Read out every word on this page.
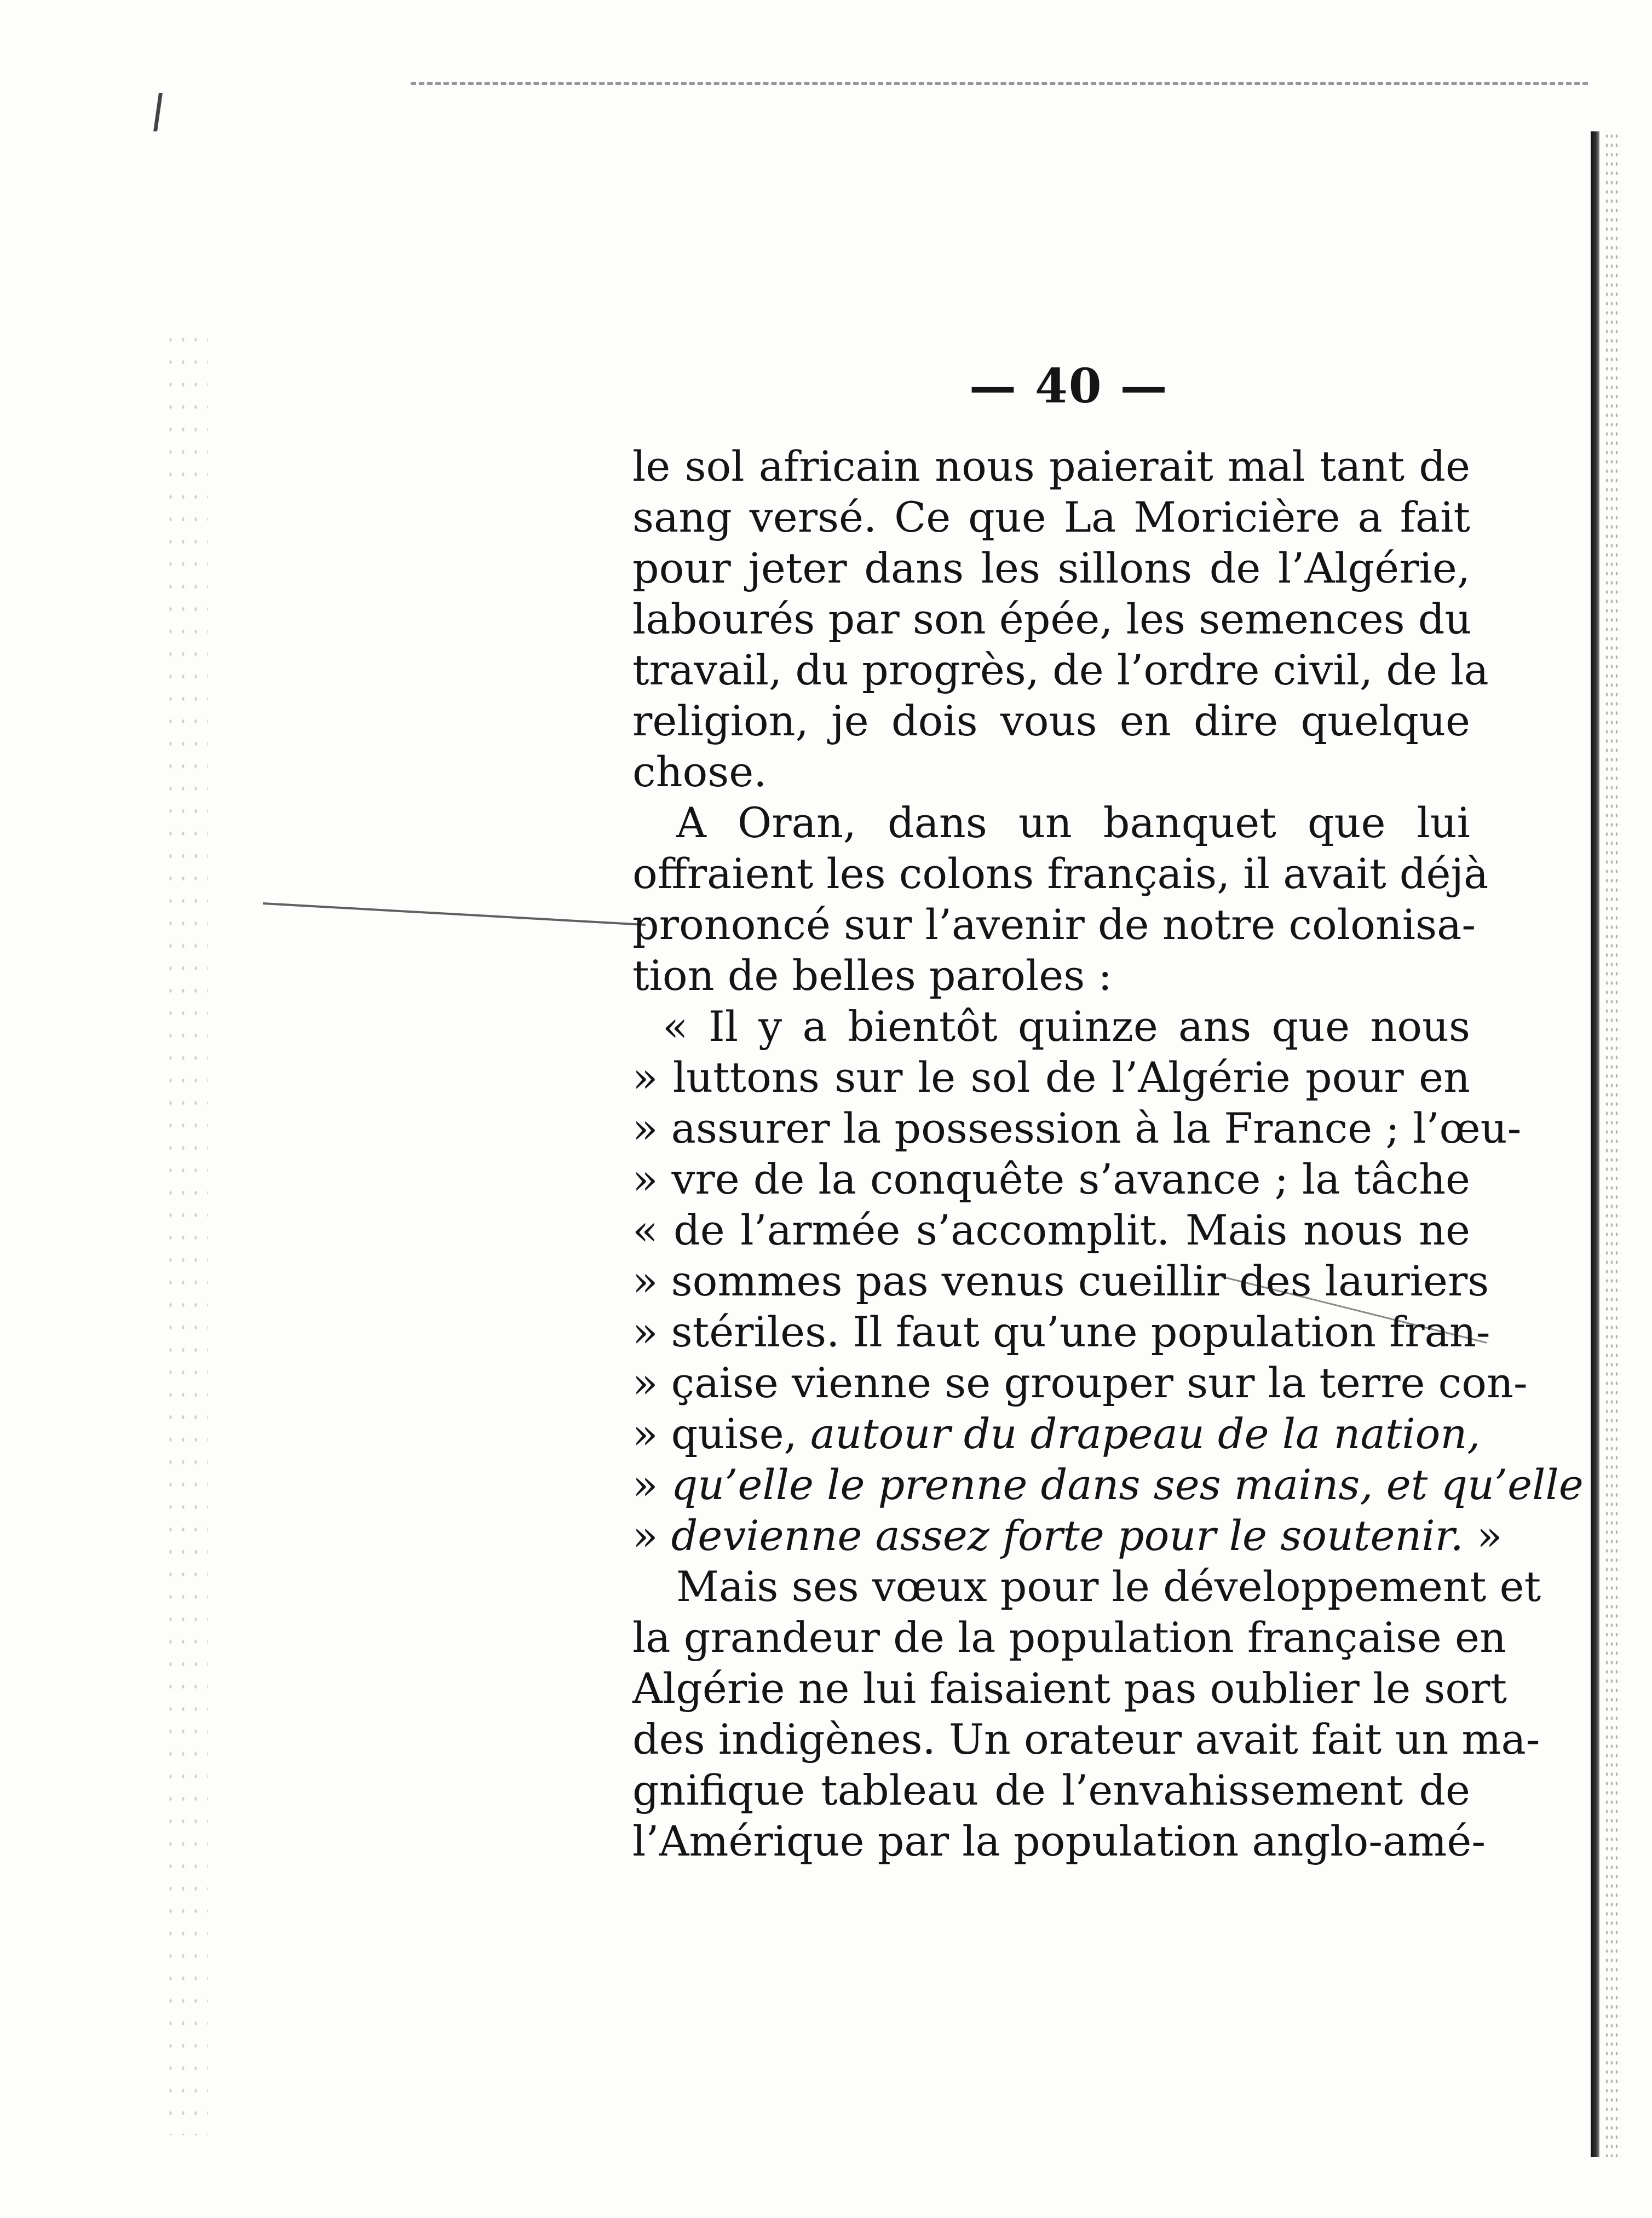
— 40 —
le sol africain nous paierait mal tant de
sang versé. Ce que La Moricière a fait
pour jeter dans les sillons de l’Algérie,
labourés par son épée, les semences du
travail, du progrès, de l’ordre civil, de la
religion, je dois vous en dire quelque
chose.
A Oran, dans un banquet que lui
offraient les colons français, il avait déjà
prononcé sur l’avenir de notre colonisa-
tion de belles paroles :
« Il y a bientôt quinze ans que nous
» luttons sur le sol de l’Algérie pour en
» assurer la possession à la France ; l’œu-
» vre de la conquête s’avance ; la tâche
« de l’armée s’accomplit. Mais nous ne
» sommes pas venus cueillir des lauriers
» stériles. Il faut qu’une population fran-
» çaise vienne se grouper sur la terre con-
» quise, autour du drapeau de la nation,
» qu’elle le prenne dans ses mains, et qu’elle
» devienne assez forte pour le soutenir. »
Mais ses vœux pour le développement et
la grandeur de la population française en
Algérie ne lui faisaient pas oublier le sort
des indigènes. Un orateur avait fait un ma-
gnifique tableau de l’envahissement de
l’Amérique par la population anglo-amé-
